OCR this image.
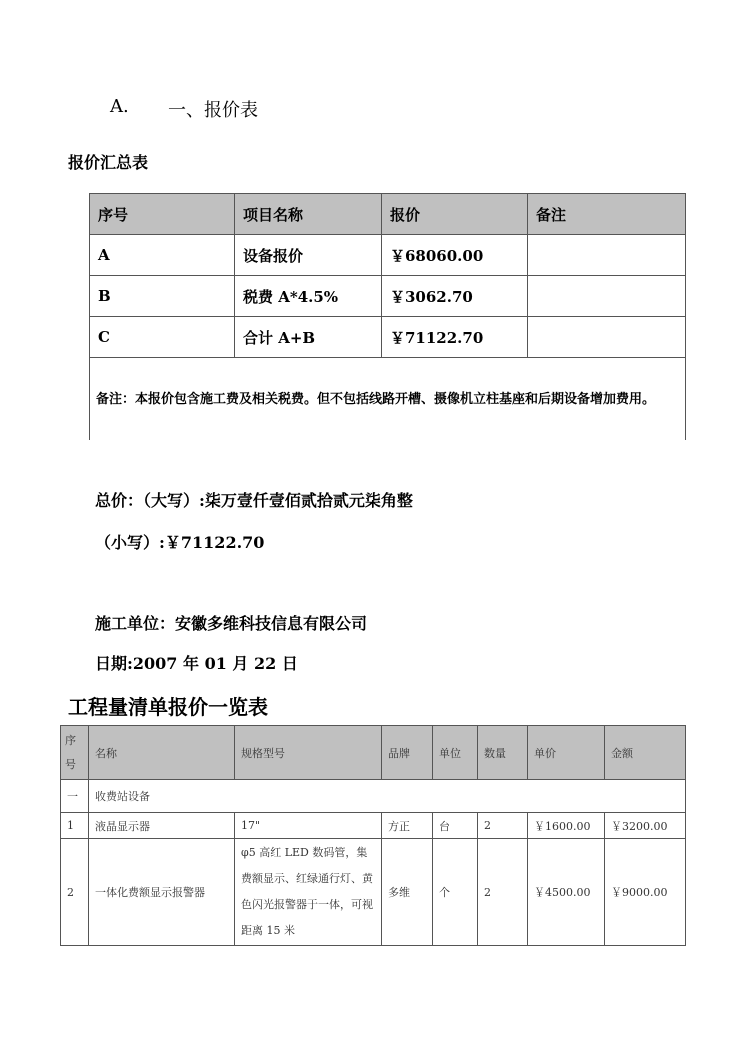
A. 一、报价表
报价汇总表
序号	项目名称	报价	备注
A	设备报价	￥68060.00	
B	税费 A*4.5%	￥3062.70	
C	合计 A+B	￥71122.70	
备注：本报价包含施工费及相关税费。但不包括线路开槽、摄像机立柱基座和后期设备增加费用。			
总价：（大写）:柒万壹仟壹佰贰拾贰元柒角整
（小写）:￥71122.70
施工单位：安徽多维科技信息有限公司
日期:2007 年 01 月 22 日
工程量清单报价一览表
序号	名称	规格型号	品牌	单位	数量	单价	金额
一	收费站设备						
1	液晶显示器	17"	方正	台	2	￥1600.00	￥3200.00
2	一体化费额显示报警器	φ5 高红 LED 数码管，集费额显示、红绿通行灯、黄色闪光报警器于一体，可视距离 15 米	多维	个	2	￥4500.00	￥9000.00
